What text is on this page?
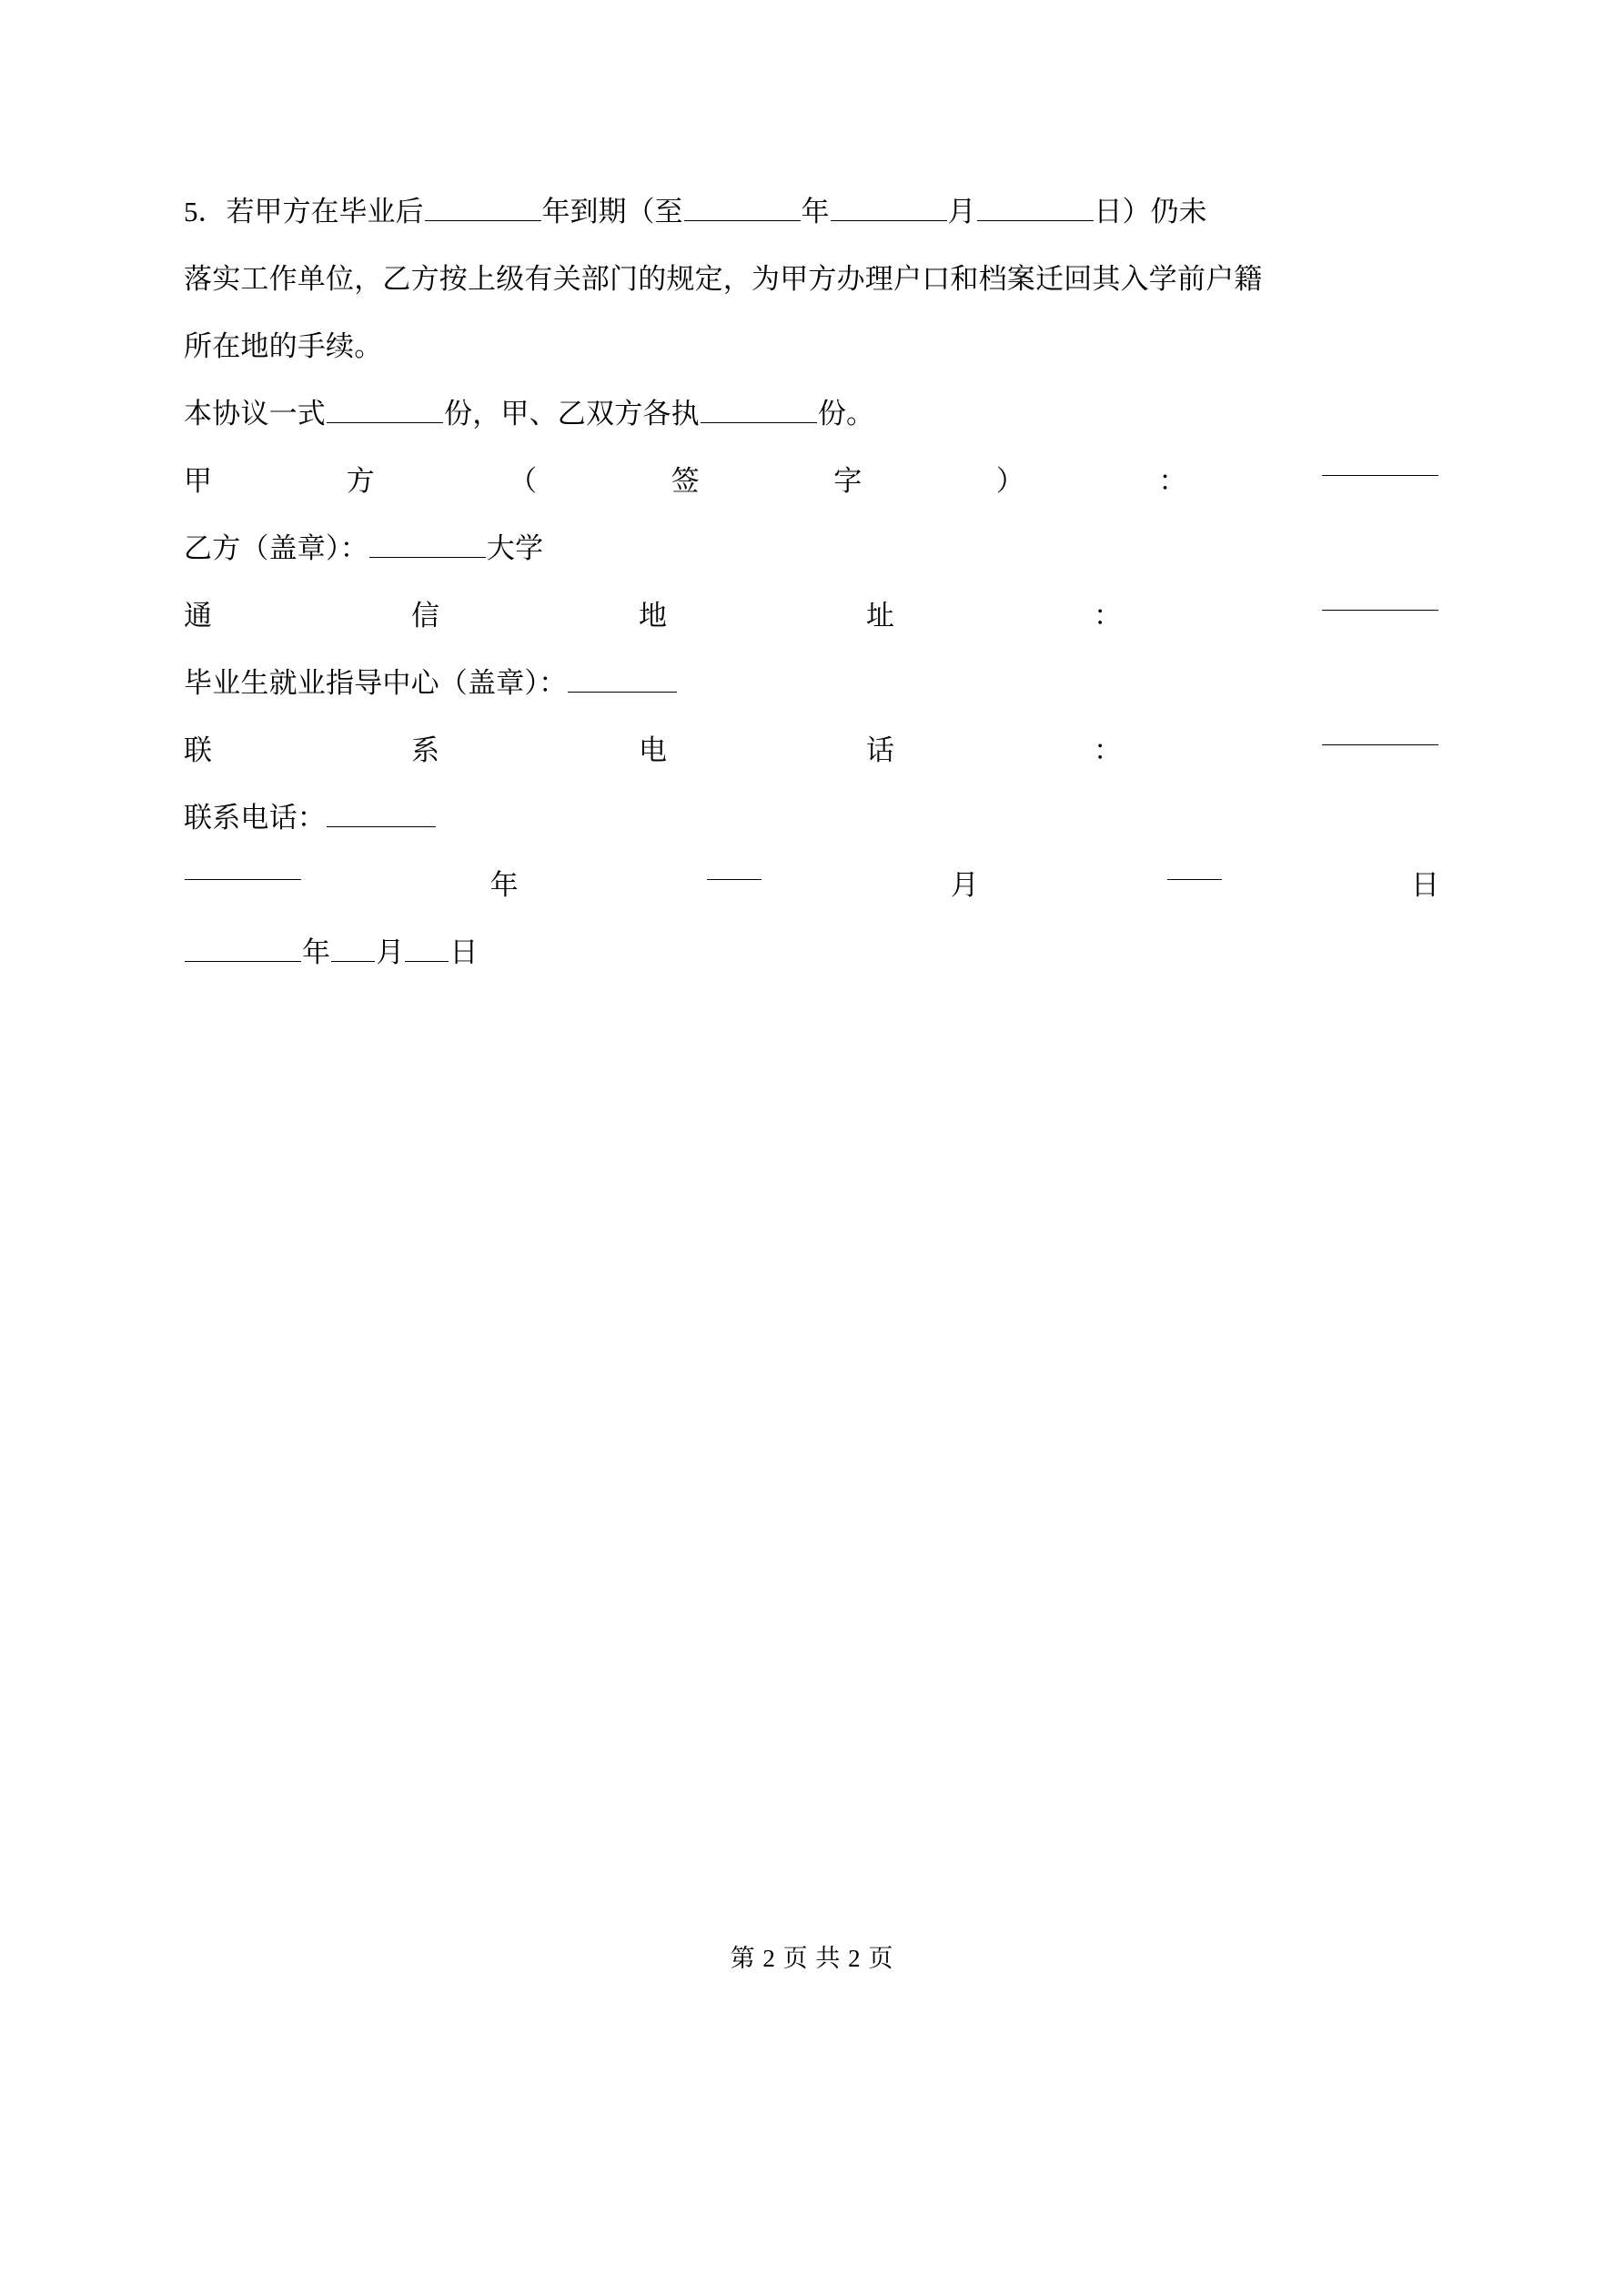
5．若甲方在毕业后	年到期（至	年	月	日）仍未
落实工作单位，乙方按上级有关部门的规定，为甲方办理户口和档案迁回其入学前户籍
所在地的手续。
本协议一式	份，甲、乙双方各执	份。
甲	方	（	签	字	）	：
乙方（盖章）：	大学
通	信	地	址	：
毕业生就业指导中心（盖章）：
联	系	电	话	：
联系电话：
年	月	日
年 月 日
第 2 页 共 2 页
